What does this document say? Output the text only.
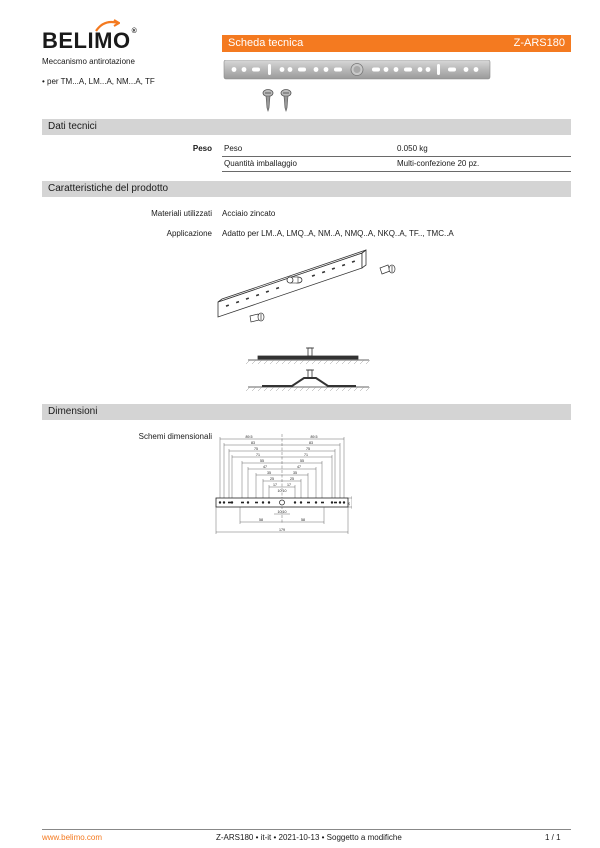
BELIMO®
Meccanismo antirotazione
• per TM...A, LM...A, NM...A, TF
Scheda tecnica	Z-ARS180
Dati tecnici
Peso Peso	0.050 kg
Quantità imballaggio	Multi-confezione 20 pz.
Caratteristiche del prodotto
Materiali utilizzati Acciaio zincato
Applicazione Adatto per LM..A, LMQ..A, NM..A, NMQ..A, NKQ..A, TF.., TMC..A
Dimensioni
Schemi dimensionali	89.5
83
75
71
55
47
35
25
17
89.5
83
75
71
55
47
35
25
17
10.10
10 10
58	58
179
15
www.belimo.com	Z-ARS180 • it-it • 2021-10-13 • Soggetto a modifiche	1 / 1
